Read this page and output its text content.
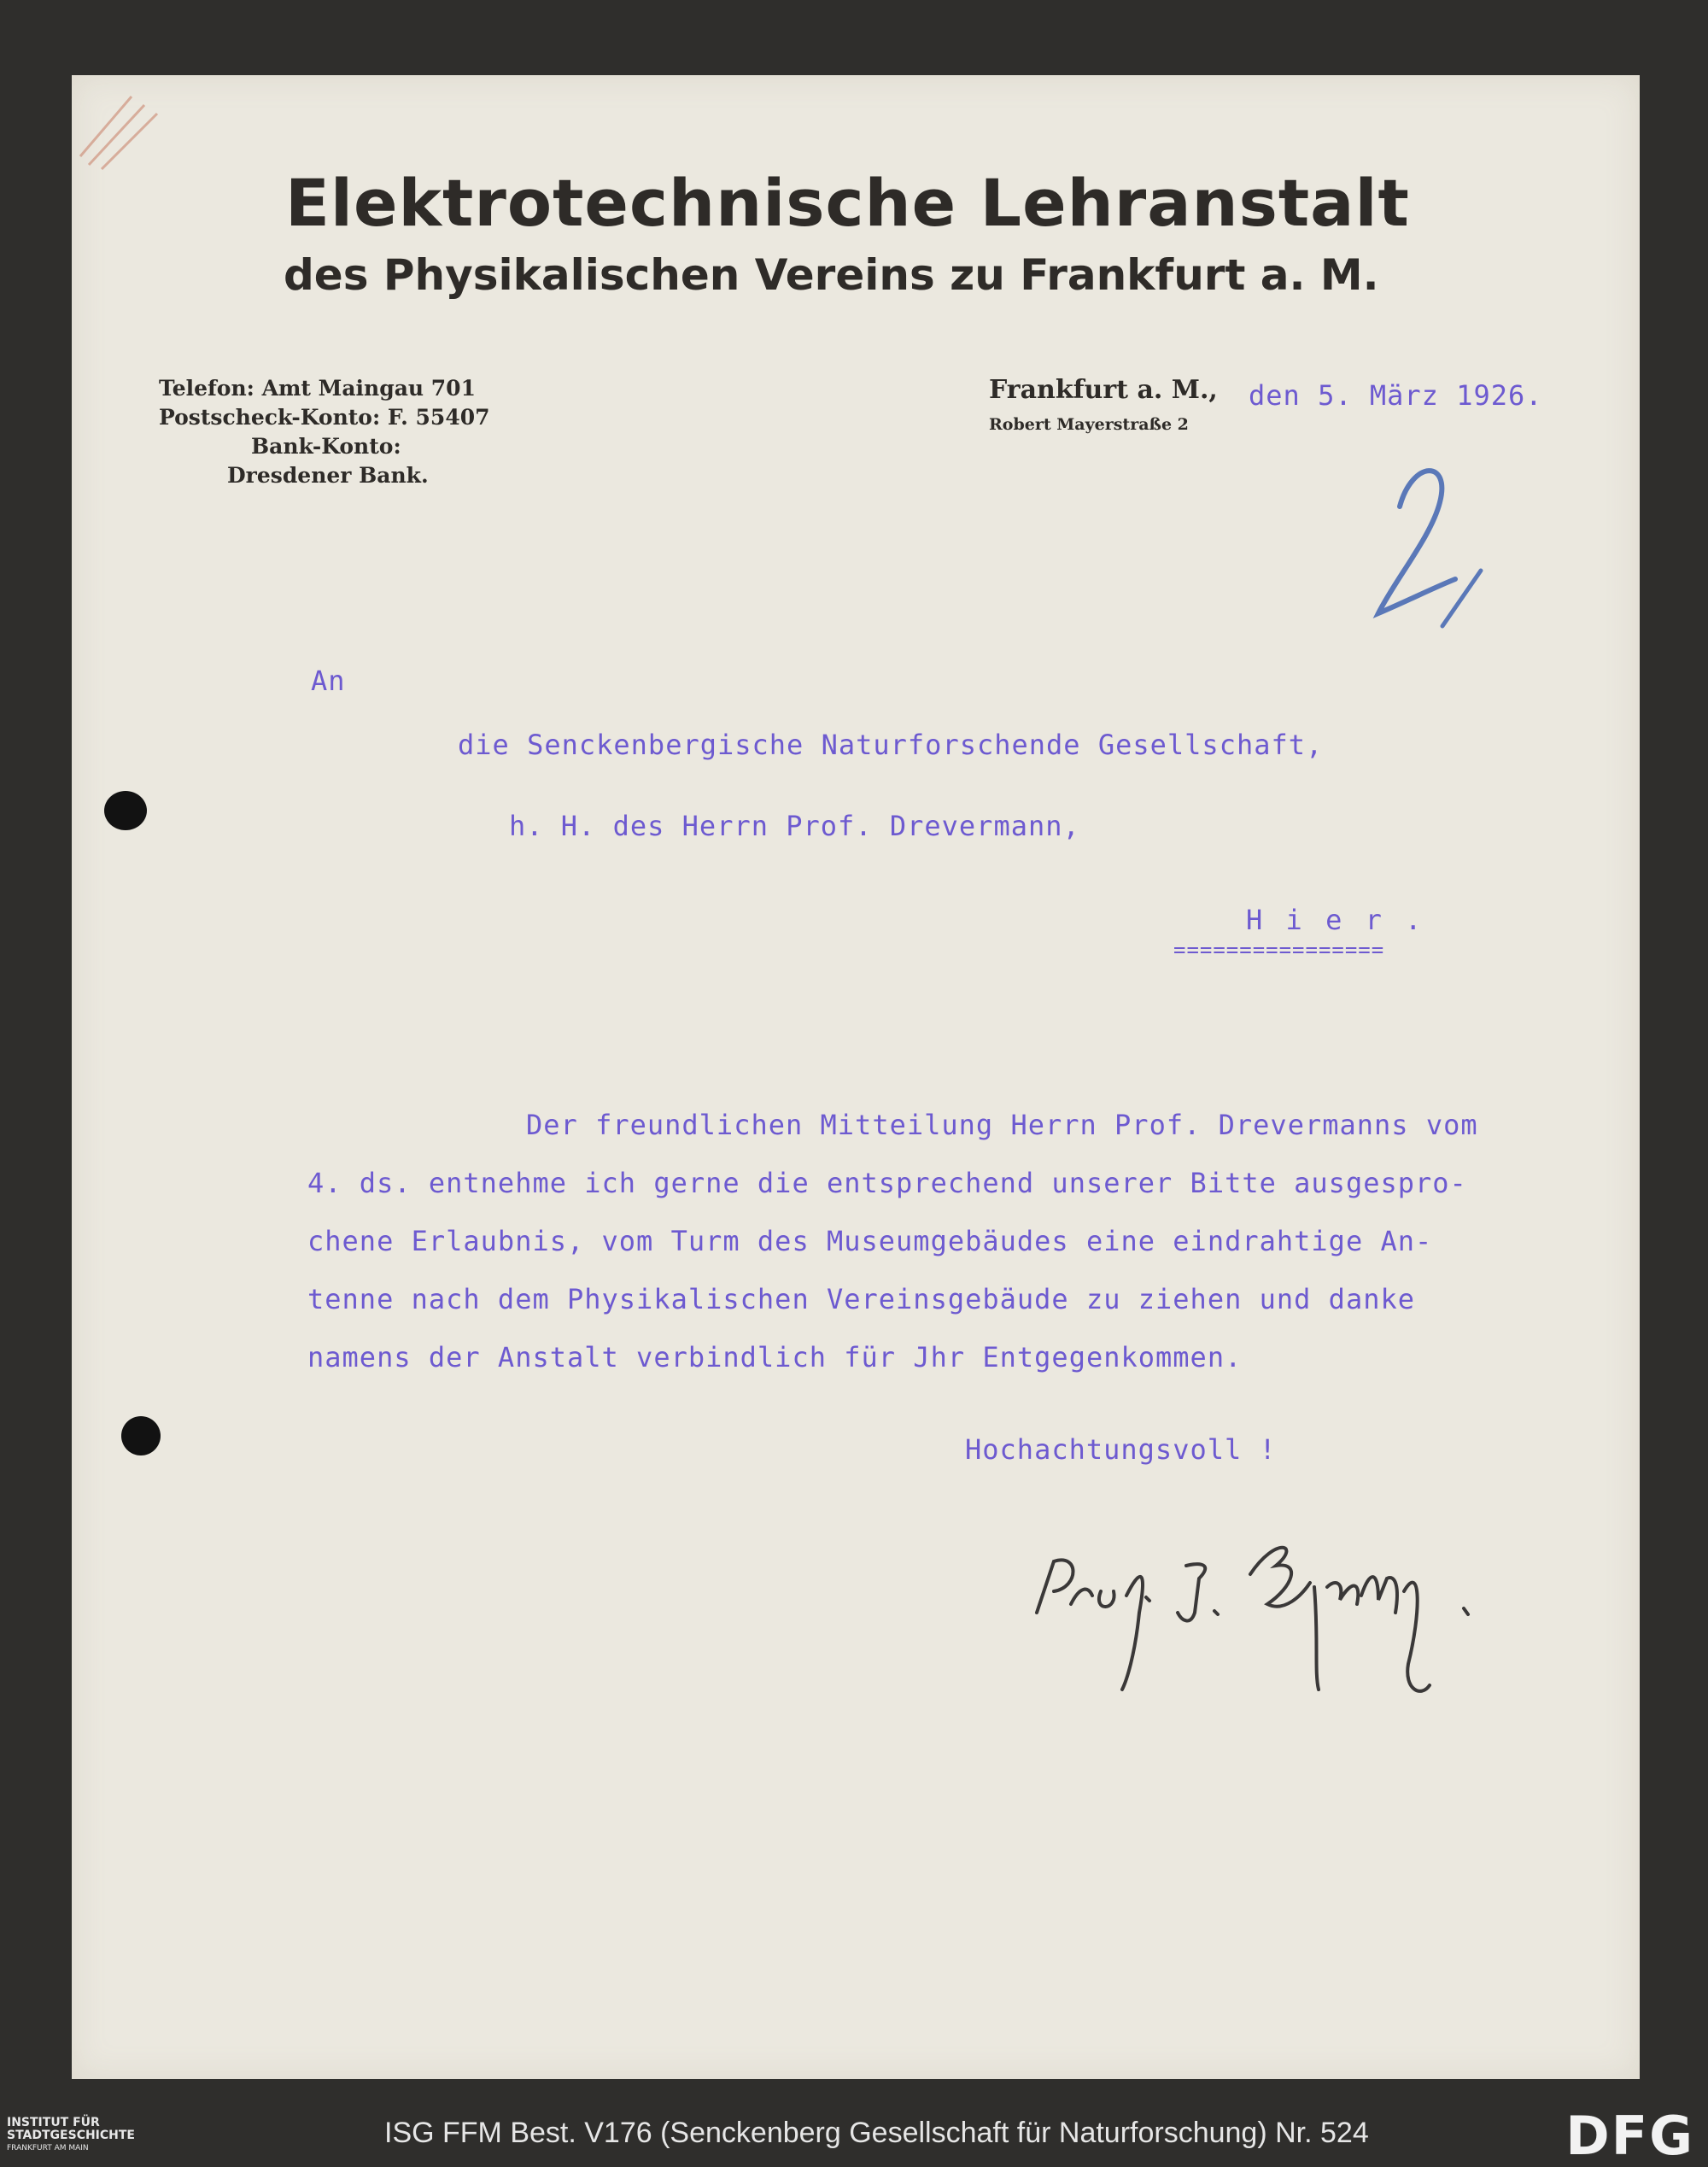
Elektrotechnische Lehranstalt
des Physikalischen Vereins zu Frankfurt a. M.
Telefon: Amt Maingau 701
Postscheck-Konto: F. 55407
Bank-Konto:
Dresdener Bank.
Frankfurt a. M.,
Robert Mayerstraße 2
den 5. März 1926.
An
die Senckenbergische Naturforschende Gesellschaft,
h. H. des Herrn Prof. Drevermann,
H i e r .
================
Der freundlichen Mitteilung Herrn Prof. Drevermanns vom
4. ds. entnehme ich gerne die entsprechend unserer Bitte ausgespro-
chene Erlaubnis, vom Turm des Museumgebäudes eine eindrahtige An-
tenne nach dem Physikalischen Vereinsgebäude zu ziehen und danke
namens der Anstalt verbindlich für Jhr Entgegenkommen.
Hochachtungsvoll !
INSTITUT FÜR
STADTGESCHICHTE
FRANKFURT AM MAIN	ISG FFM Best. V176 (Senckenberg Gesellschaft für Naturforschung) Nr. 524	DFG
